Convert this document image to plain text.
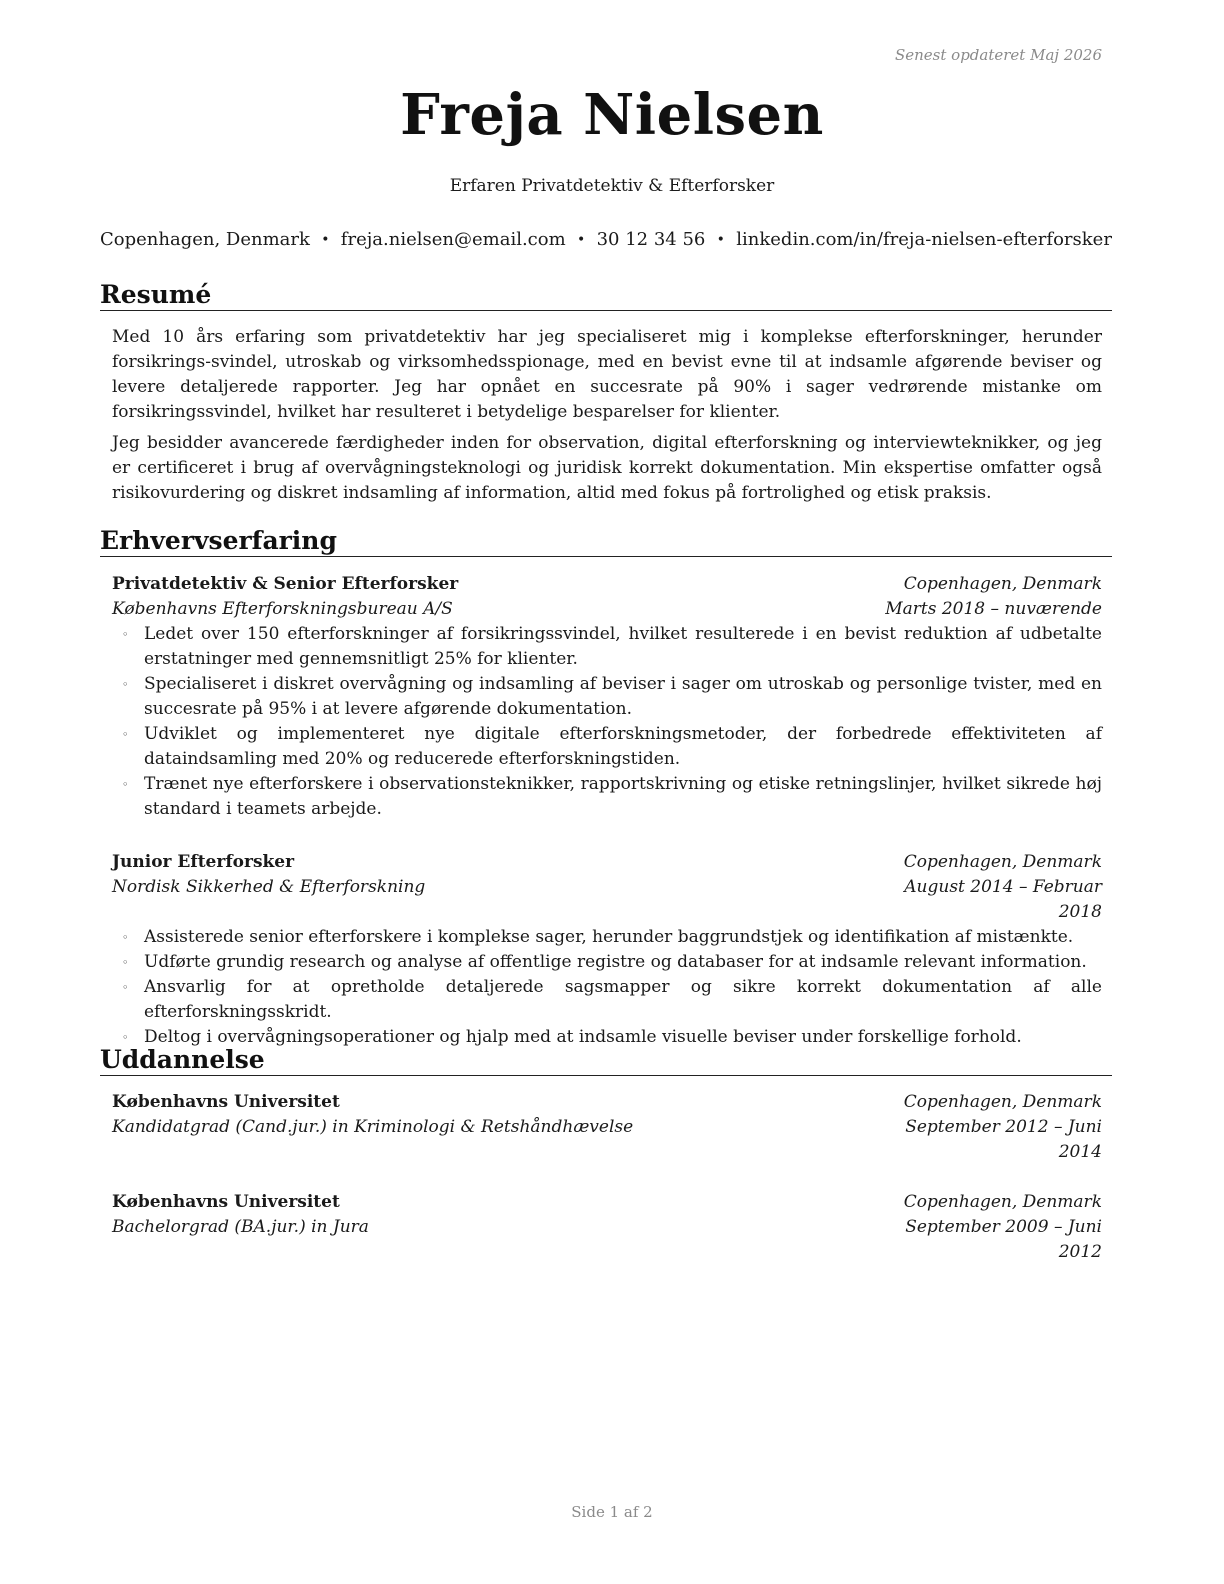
Senest opdateret Maj 2026
Freja Nielsen
Erfaren Privatdetektiv & Efterforsker
Copenhagen, Denmark • freja.nielsen@email.com • 30 12 34 56 • linkedin.com/in/freja-nielsen-efterforsker
Resumé

Med 10 års erfaring som privatdetektiv har jeg specialiseret mig i komplekse efterforskninger, herunder forsikrings-svindel, utroskab og virksomhedsspionage, med en bevist evne til at indsamle afgørende beviser og levere detaljerede rapporter. Jeg har opnået en succesrate på 90% i sager vedrørende mistanke om forsikringssvindel, hvilket har resulteret i betydelige besparelser for klienter.

Jeg besidder avancerede færdigheder inden for observation, digital efterforskning og interviewteknikker, og jeg er certificeret i brug af overvågningsteknologi og juridisk korrekt dokumentation. Min ekspertise omfatter også risikovurdering og diskret indsamling af information, altid med fokus på fortrolighed og etisk praksis.

Erhvervserfaring
Privatdetektiv & Senior Efterforsker	Copenhagen, Denmark
Københavns Efterforskningsbureau A/S	Marts 2018 – nuværende
◦ Ledet over 150 efterforskninger af forsikringssvindel, hvilket resulterede i en bevist reduktion af udbetalte erstatninger med gennemsnitligt 25% for klienter.
◦ Specialiseret i diskret overvågning og indsamling af beviser i sager om utroskab og personlige tvister, med en succesrate på 95% i at levere afgørende dokumentation.
◦ Udviklet og implementeret nye digitale efterforskningsmetoder, der forbedrede effektiviteten af dataindsamling med 20% og reducerede efterforskningstiden.
◦ Trænet nye efterforskere i observationsteknikker, rapportskrivning og etiske retningslinjer, hvilket sikrede høj standard i teamets arbejde.
Junior Efterforsker	Copenhagen, Denmark
Nordisk Sikkerhed & Efterforskning	August 2014 – Februar 2018
◦ Assisterede senior efterforskere i komplekse sager, herunder baggrundstjek og identifikation af mistænkte.
◦ Udførte grundig research og analyse af offentlige registre og databaser for at indsamle relevant information.
◦ Ansvarlig for at opretholde detaljerede sagsmapper og sikre korrekt dokumentation af alle efterforskningsskridt.
◦ Deltog i overvågningsoperationer og hjalp med at indsamle visuelle beviser under forskellige forhold.
Uddannelse
Københavns Universitet	Copenhagen, Denmark
Kandidatgrad (Cand.jur.) in Kriminologi & Retshåndhævelse	September 2012 – Juni 2014
Københavns Universitet	Copenhagen, Denmark
Bachelorgrad (BA.jur.) in Jura	September 2009 – Juni 2012
Side 1 af 2
